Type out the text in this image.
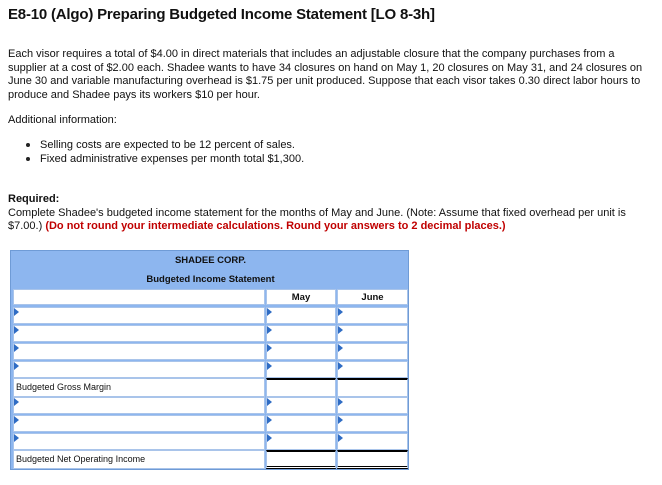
E8-10 (Algo) Preparing Budgeted Income Statement [LO 8-3h]
Each visor requires a total of $4.00 in direct materials that includes an adjustable closure that the company purchases from a supplier at a cost of $2.00 each. Shadee wants to have 34 closures on hand on May 1, 20 closures on May 31, and 24 closures on June 30 and variable manufacturing overhead is $1.75 per unit produced. Suppose that each visor takes 0.30 direct labor hours to produce and Shadee pays its workers $10 per hour.
Additional information:
Selling costs are expected to be 12 percent of sales.
Fixed administrative expenses per month total $1,300.
Required:
Complete Shadee's budgeted income statement for the months of May and June. (Note: Assume that fixed overhead per unit is $7.00.) (Do not round your intermediate calculations. Round your answers to 2 decimal places.)
SHADEE CORP.
Budgeted Income Statement
May	June
Budgeted Gross Margin
Budgeted Net Operating Income
